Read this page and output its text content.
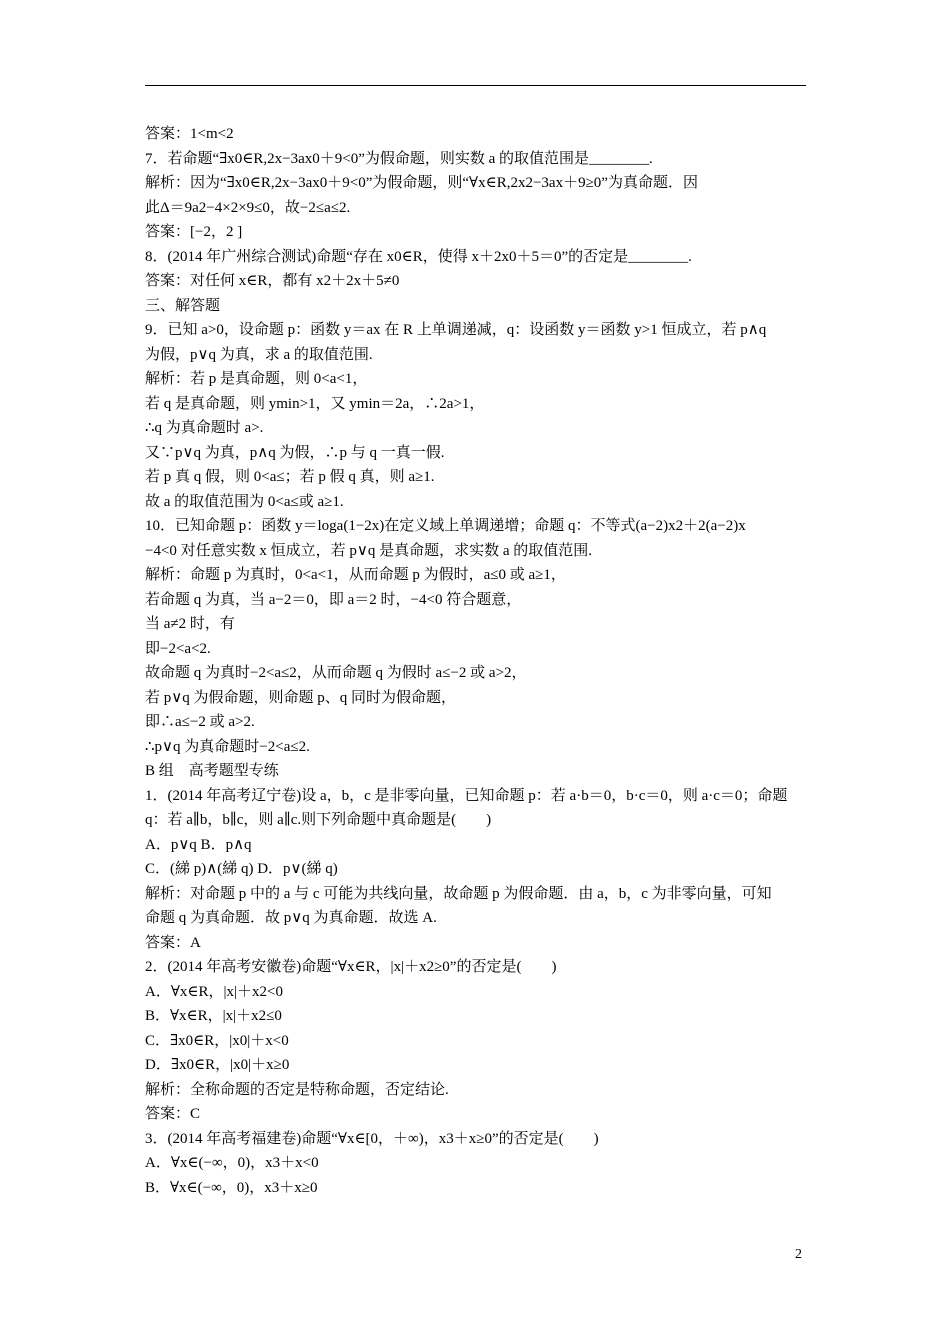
答案：1<m<2
7．若命题“∃x0∈R,2x−3ax0＋9<0”为假命题，则实数 a 的取值范围是________.
解析：因为“∃x0∈R,2x−3ax0＋9<0”为假命题，则“∀x∈R,2x2−3ax＋9≥0”为真命题．因
此Δ＝9a2−4×2×9≤0，故−2≤a≤2.
答案：[−2，2 ]
8．(2014 年广州综合测试)命题“存在 x0∈R，使得 x＋2x0＋5＝0”的否定是________.
答案：对任何 x∈R，都有 x2＋2x＋5≠0
三、解答题
9．已知 a>0，设命题 p：函数 y＝ax 在 R 上单调递减，q：设函数 y＝函数 y>1 恒成立，若 p∧q
为假，p∨q 为真，求 a 的取值范围.
解析：若 p 是真命题，则 0<a<1，
若 q 是真命题，则 ymin>1，又 ymin＝2a，∴2a>1，
∴q 为真命题时 a>.
又∵p∨q 为真，p∧q 为假，∴p 与 q 一真一假.
若 p 真 q 假，则 0<a≤；若 p 假 q 真，则 a≥1.
故 a 的取值范围为 0<a≤或 a≥1.
10．已知命题 p：函数 y＝loga(1−2x)在定义域上单调递增；命题 q：不等式(a−2)x2＋2(a−2)x
−4<0 对任意实数 x 恒成立，若 p∨q 是真命题，求实数 a 的取值范围.
解析：命题 p 为真时，0<a<1，从而命题 p 为假时，a≤0 或 a≥1，
若命题 q 为真，当 a−2＝0，即 a＝2 时，−4<0 符合题意，
当 a≠2 时，有
即−2<a<2.
故命题 q 为真时−2<a≤2，从而命题 q 为假时 a≤−2 或 a>2，
若 p∨q 为假命题，则命题 p、q 同时为假命题，
即∴a≤−2 或 a>2.
∴p∨q 为真命题时−2<a≤2.
B 组　高考题型专练
1．(2014 年高考辽宁卷)设 a，b，c 是非零向量，已知命题 p：若 a·b＝0，b·c＝0，则 a·c＝0；命题
q：若 a∥b，b∥c，则 a∥c.则下列命题中真命题是(　　)
A．p∨q B．p∧q
C．(綈 p)∧(綈 q) D．p∨(綈 q)
解析：对命题 p 中的 a 与 c 可能为共线向量，故命题 p 为假命题．由 a，b，c 为非零向量，可知
命题 q 为真命题．故 p∨q 为真命题．故选 A.
答案：A
2．(2014 年高考安徽卷)命题“∀x∈R，|x|＋x2≥0”的否定是(　　)
A．∀x∈R，|x|＋x2<0
B．∀x∈R，|x|＋x2≤0
C．∃x0∈R，|x0|＋x<0
D．∃x0∈R，|x0|＋x≥0
解析：全称命题的否定是特称命题，否定结论.
答案：C
3．(2014 年高考福建卷)命题“∀x∈[0，＋∞)，x3＋x≥0”的否定是(　　)
A．∀x∈(−∞，0)，x3＋x<0
B．∀x∈(−∞，0)，x3＋x≥0
2
